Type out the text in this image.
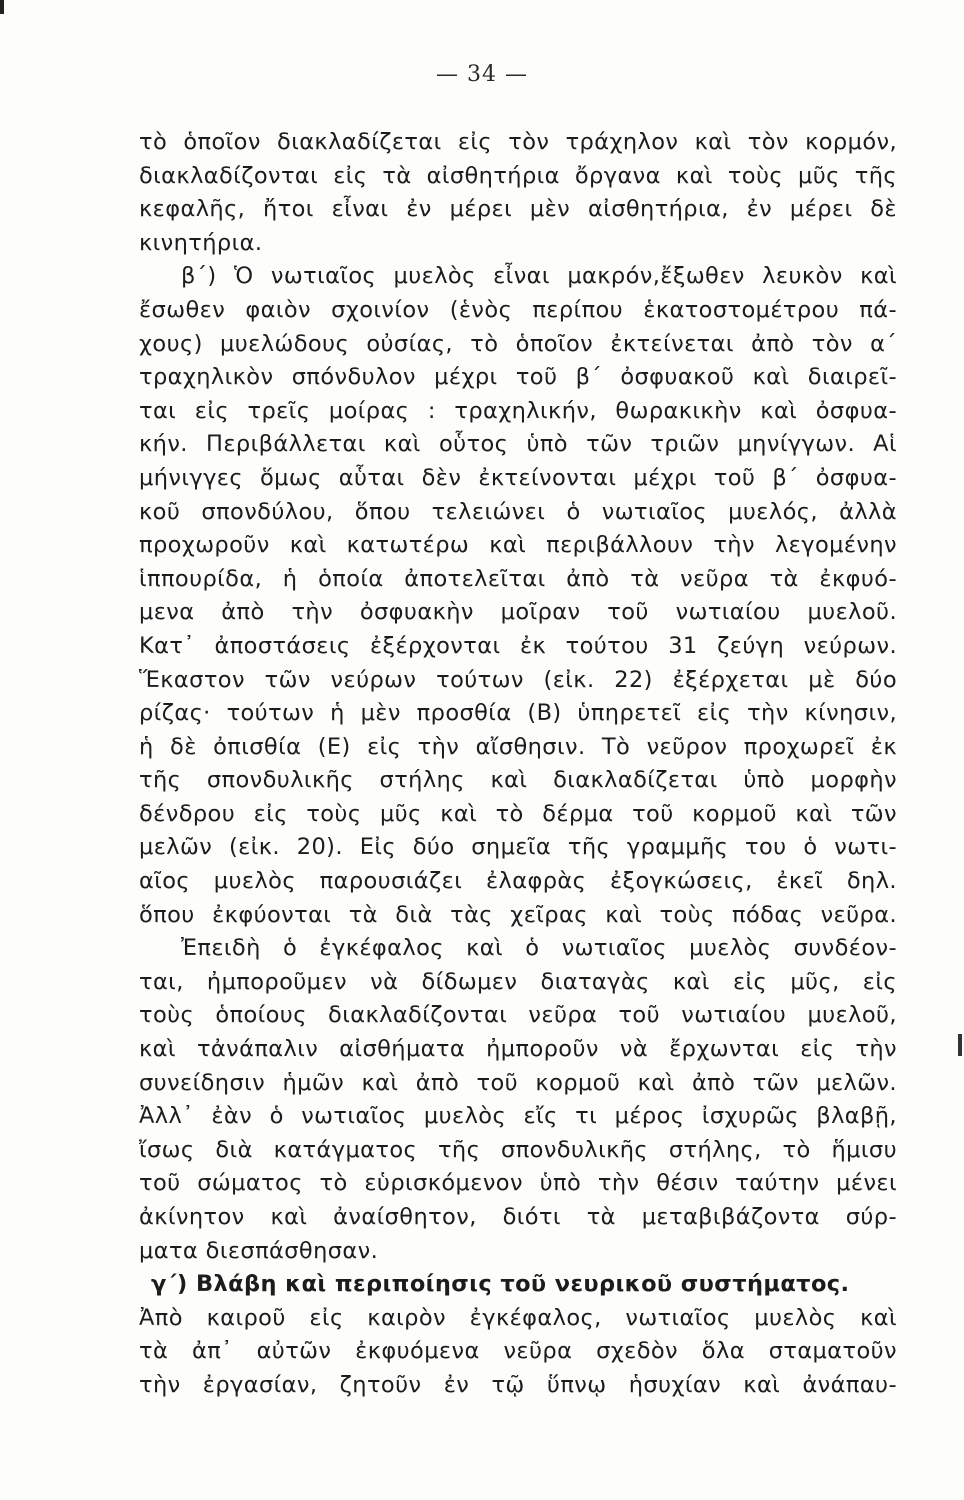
— 34 —
τὸ ὁποῖον διακλαδίζεται εἰς τὸν τράχηλον καὶ τὸν κορμόν,
διακλαδίζονται εἰς τὰ αἰσθητήρια ὄργανα καὶ τοὺς μῦς τῆς
κεφαλῆς, ἤτοι εἶναι ἐν μέρει μὲν αἰσθητήρια, ἐν μέρει δὲ
κινητήρια.
β΄) Ὁ νωτιαῖος μυελὸς εἶναι μακρόν,ἔξωθεν λευκὸν καὶ
ἔσωθεν φαιὸν σχοινίον (ἑνὸς περίπου ἑκατοστομέτρου πά-
χους) μυελώδους οὐσίας, τὸ ὁποῖον ἐκτείνεται ἀπὸ τὸν α΄
τραχηλικὸν σπόνδυλον μέχρι τοῦ β΄ ὀσφυακοῦ καὶ διαιρεῖ-
ται εἰς τρεῖς μοίρας : τραχηλικήν, θωρακικὴν καὶ ὀσφυα-
κήν. Περιβάλλεται καὶ οὗτος ὑπὸ τῶν τριῶν μηνίγγων. Αἱ
μήνιγγες ὅμως αὗται δὲν ἐκτείνονται μέχρι τοῦ β΄ ὀσφυα-
κοῦ σπονδύλου, ὅπου τελειώνει ὁ νωτιαῖος μυελός, ἀλλὰ
προχωροῦν καὶ κατωτέρω καὶ περιβάλλουν τὴν λεγομένην
ἱππουρίδα, ἡ ὁποία ἀποτελεῖται ἀπὸ τὰ νεῦρα τὰ ἐκφυό-
μενα ἀπὸ τὴν ὀσφυακὴν μοῖραν τοῦ νωτιαίου μυελοῦ.
Κατ᾽ ἀποστάσεις ἐξέρχονται ἐκ τούτου 31 ζεύγη νεύρων.
Ἕκαστον τῶν νεύρων τούτων (εἰκ. 22) ἐξέρχεται μὲ δύο
ρίζας· τούτων ἡ μὲν προσθία (Β) ὑπηρετεῖ εἰς τὴν κίνησιν,
ἡ δὲ ὀπισθία (Ε) εἰς τὴν αἴσθησιν. Τὸ νεῦρον προχωρεῖ ἐκ
τῆς σπονδυλικῆς στήλης καὶ διακλαδίζεται ὑπὸ μορφὴν
δένδρου εἰς τοὺς μῦς καὶ τὸ δέρμα τοῦ κορμοῦ καὶ τῶν
μελῶν (εἰκ. 20). Εἰς δύο σημεῖα τῆς γραμμῆς του ὁ νωτι-
αῖος μυελὸς παρουσιάζει ἐλαφρὰς ἐξογκώσεις, ἐκεῖ δηλ.
ὅπου ἐκφύονται τὰ διὰ τὰς χεῖρας καὶ τοὺς πόδας νεῦρα.
Ἐπειδὴ ὁ ἐγκέφαλος καὶ ὁ νωτιαῖος μυελὸς συνδέον-
ται, ἠμποροῦμεν νὰ δίδωμεν διαταγὰς καὶ εἰς μῦς, εἰς
τοὺς ὁποίους διακλαδίζονται νεῦρα τοῦ νωτιαίου μυελοῦ,
καὶ τἀνάπαλιν αἰσθήματα ἠμποροῦν νὰ ἔρχωνται εἰς τὴν
συνείδησιν ἡμῶν καὶ ἀπὸ τοῦ κορμοῦ καὶ ἀπὸ τῶν μελῶν.
Ἀλλ᾽ ἐὰν ὁ νωτιαῖος μυελὸς εἴς τι μέρος ἰσχυρῶς βλαβῇ,
ἴσως διὰ κατάγματος τῆς σπονδυλικῆς στήλης, τὸ ἥμισυ
τοῦ σώματος τὸ εὑρισκόμενον ὑπὸ τὴν θέσιν ταύτην μένει
ἀκίνητον καὶ ἀναίσθητον, διότι τὰ μεταβιβάζοντα σύρ-
ματα διεσπάσθησαν.
γ΄) Βλάβη καὶ περιποίησις τοῦ νευρικοῦ συστήματος.
Ἀπὸ καιροῦ εἰς καιρὸν ἐγκέφαλος, νωτιαῖος μυελὸς καὶ
τὰ ἀπ᾽ αὐτῶν ἐκφυόμενα νεῦρα σχεδὸν ὅλα σταματοῦν
τὴν ἐργασίαν, ζητοῦν ἐν τῷ ὕπνῳ ἡσυχίαν καὶ ἀνάπαυ-
